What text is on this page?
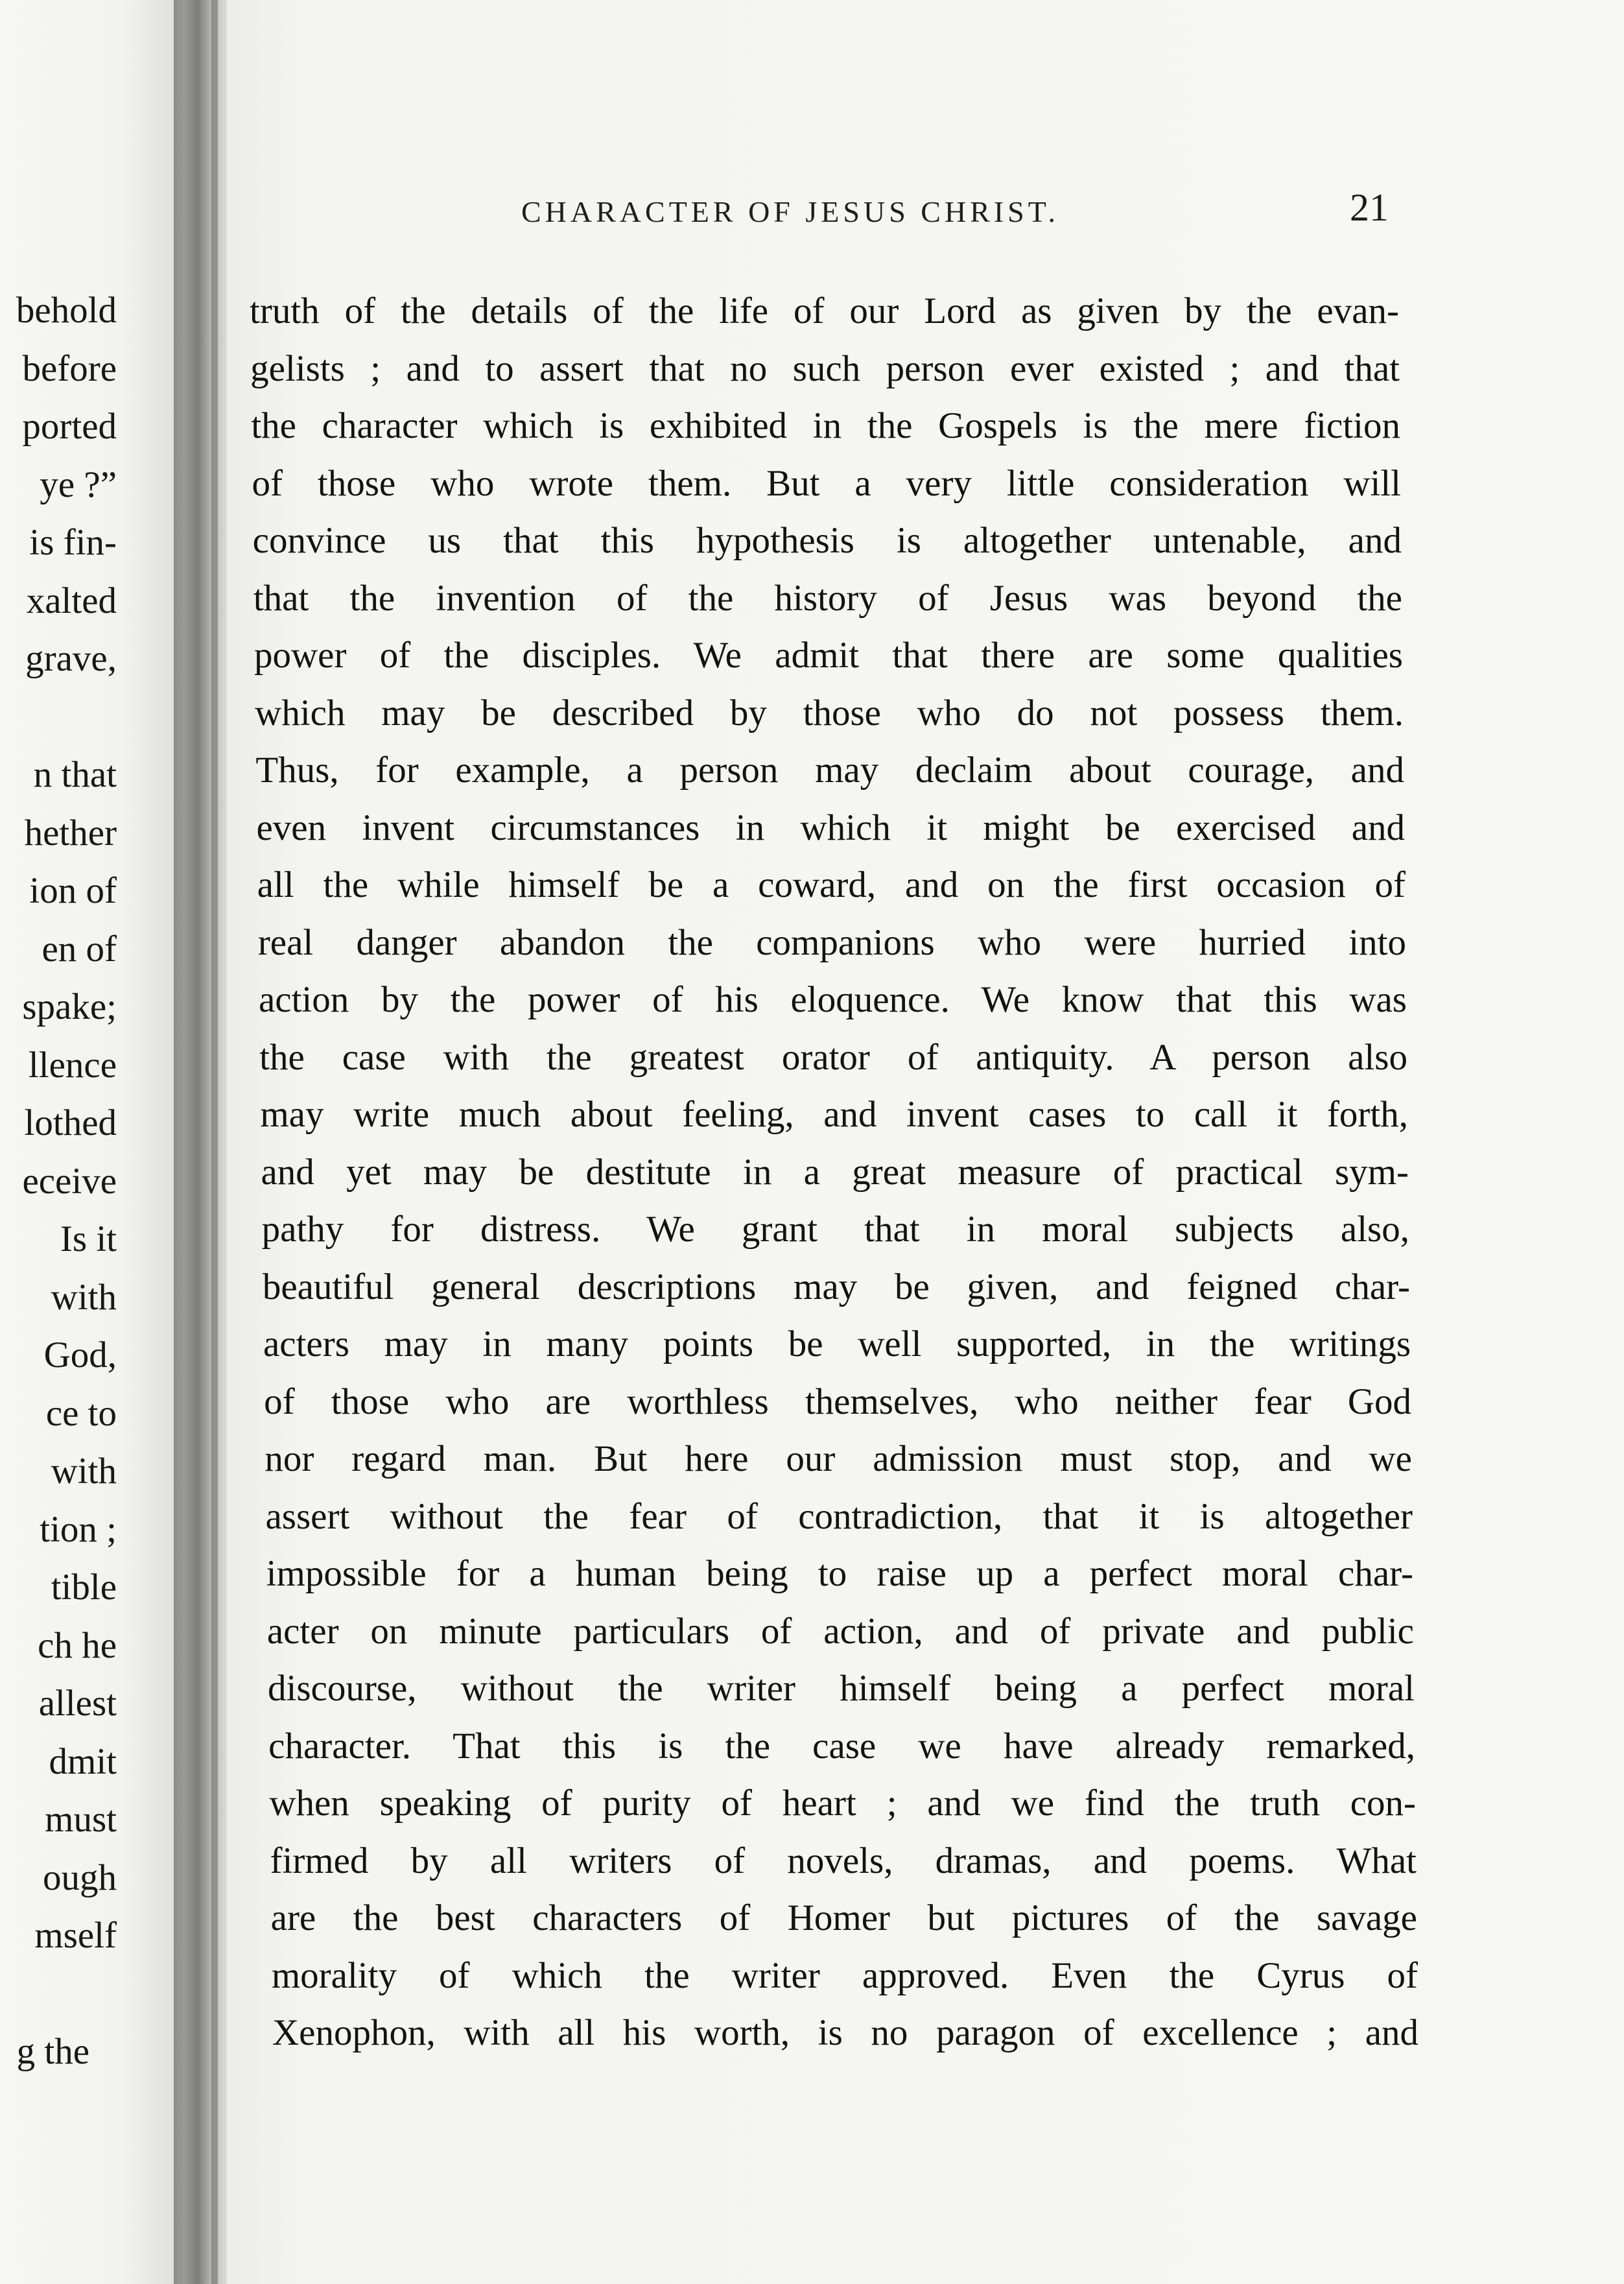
behold
before
ported
ye ?”
is fin-
xalted
grave,
n that
hether
ion of
en of
spake;
llence
lothed
eceive
Is it
with
God,
ce to
with
tion ;
tible
ch he
allest
dmit
must
ough
mself
g the
CHARACTER OF JESUS CHRIST.	21
truth of the details of the life of our Lord as given by the evan-
gelists ; and to assert that no such person ever existed ; and that
the character which is exhibited in the Gospels is the mere fiction
of those who wrote them. But a very little consideration will
convince us that this hypothesis is altogether untenable, and
that the invention of the history of Jesus was beyond the
power of the disciples. We admit that there are some qualities
which may be described by those who do not possess them.
Thus, for example, a person may declaim about courage, and
even invent circumstances in which it might be exercised and
all the while himself be a coward, and on the first occasion of
real danger abandon the companions who were hurried into
action by the power of his eloquence. We know that this was
the case with the greatest orator of antiquity. A person also
may write much about feeling, and invent cases to call it forth,
and yet may be destitute in a great measure of practical sym-
pathy for distress. We grant that in moral subjects also,
beautiful general descriptions may be given, and feigned char-
acters may in many points be well supported, in the writings
of those who are worthless themselves, who neither fear God
nor regard man. But here our admission must stop, and we
assert without the fear of contradiction, that it is altogether
impossible for a human being to raise up a perfect moral char-
acter on minute particulars of action, and of private and public
discourse, without the writer himself being a perfect moral
character. That this is the case we have already remarked,
when speaking of purity of heart ; and we find the truth con-
firmed by all writers of novels, dramas, and poems. What
are the best characters of Homer but pictures of the savage
morality of which the writer approved. Even the Cyrus of
Xenophon, with all his worth, is no paragon of excellence ; and
